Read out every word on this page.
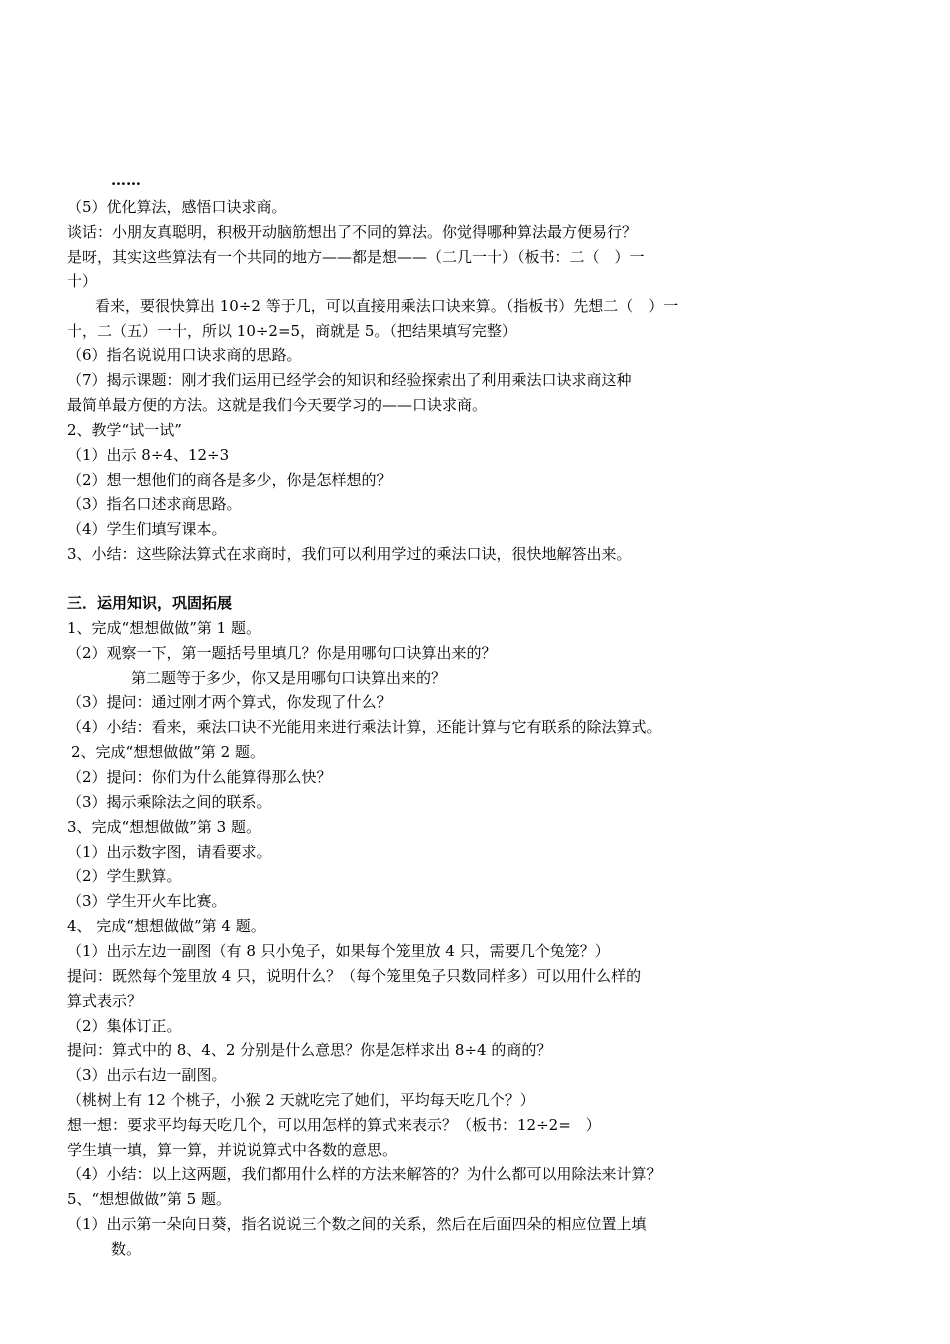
……
（5）优化算法，感悟口诀求商。
谈话：小朋友真聪明，积极开动脑筋想出了不同的算法。你觉得哪种算法最方便易行？
是呀，其实这些算法有一个共同的地方——都是想——（二几一十）（板书：二（　）一
十）
看来，要很快算出 10÷2 等于几，可以直接用乘法口诀来算。（指板书）先想二（　）一
十，二（五）一十，所以 10÷2=5，商就是 5。（把结果填写完整）
（6）指名说说用口诀求商的思路。
（7）揭示课题：刚才我们运用已经学会的知识和经验探索出了利用乘法口诀求商这种
最简单最方便的方法。这就是我们今天要学习的——口诀求商。
2、教学“试一试”
（1）出示 8÷4、12÷3
（2）想一想他们的商各是多少，你是怎样想的？
（3）指名口述求商思路。
（4）学生们填写课本。
3、小结：这些除法算式在求商时，我们可以利用学过的乘法口诀，很快地解答出来。
三．运用知识，巩固拓展
1、完成“想想做做”第 1 题。
（2）观察一下，第一题括号里填几？你是用哪句口诀算出来的？
第二题等于多少，你又是用哪句口诀算出来的？
（3）提问：通过刚才两个算式，你发现了什么？
（4）小结：看来，乘法口诀不光能用来进行乘法计算，还能计算与它有联系的除法算式。
2、完成“想想做做”第 2 题。
（2）提问：你们为什么能算得那么快？
（3）揭示乘除法之间的联系。
3、完成“想想做做”第 3 题。
（1）出示数字图，请看要求。
（2）学生默算。
（3）学生开火车比赛。
4、 完成“想想做做”第 4 题。
（1）出示左边一副图（有 8 只小兔子，如果每个笼里放 4 只，需要几个兔笼？）
提问：既然每个笼里放 4 只，说明什么？（每个笼里兔子只数同样多）可以用什么样的
算式表示？
（2）集体订正。
提问：算式中的 8、4、2 分别是什么意思？你是怎样求出 8÷4 的商的？
（3）出示右边一副图。
（桃树上有 12 个桃子，小猴 2 天就吃完了她们，平均每天吃几个？）
想一想：要求平均每天吃几个，可以用怎样的算式来表示？（板书：12÷2=　）
学生填一填，算一算，并说说算式中各数的意思。
（4）小结：以上这两题，我们都用什么样的方法来解答的？为什么都可以用除法来计算？
5、“想想做做”第 5 题。
（1）出示第一朵向日葵，指名说说三个数之间的关系，然后在后面四朵的相应位置上填
数。
